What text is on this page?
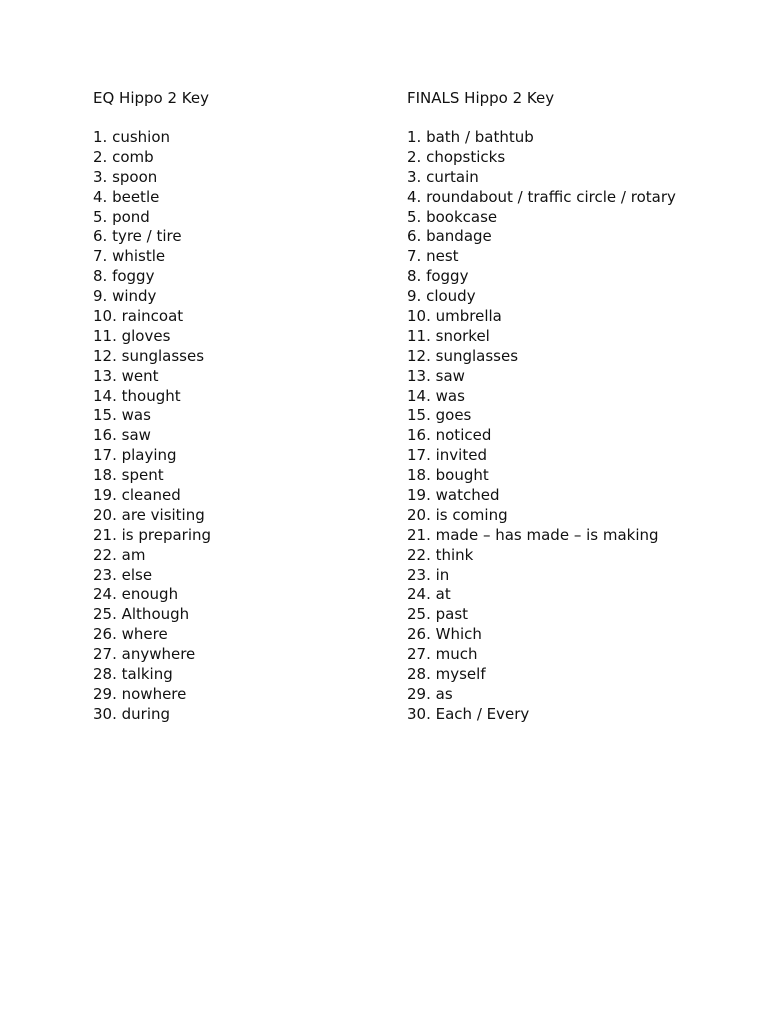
EQ Hippo 2 Key
1. cushion
2. comb
3. spoon
4. beetle
5. pond
6. tyre / tire
7. whistle
8. foggy
9. windy
10. raincoat
11. gloves
12. sunglasses
13. went
14. thought
15. was
16. saw
17. playing
18. spent
19. cleaned
20. are visiting
21. is preparing
22. am
23. else
24. enough
25. Although
26. where
27. anywhere
28. talking
29. nowhere
30. during
FINALS Hippo 2 Key
1. bath / bathtub
2. chopsticks
3. curtain
4. roundabout / traffic circle / rotary
5. bookcase
6. bandage
7. nest
8. foggy
9. cloudy
10. umbrella
11. snorkel
12. sunglasses
13. saw
14. was
15. goes
16. noticed
17. invited
18. bought
19. watched
20. is coming
21. made – has made – is making
22. think
23. in
24. at
25. past
26. Which
27. much
28. myself
29. as
30. Each / Every
